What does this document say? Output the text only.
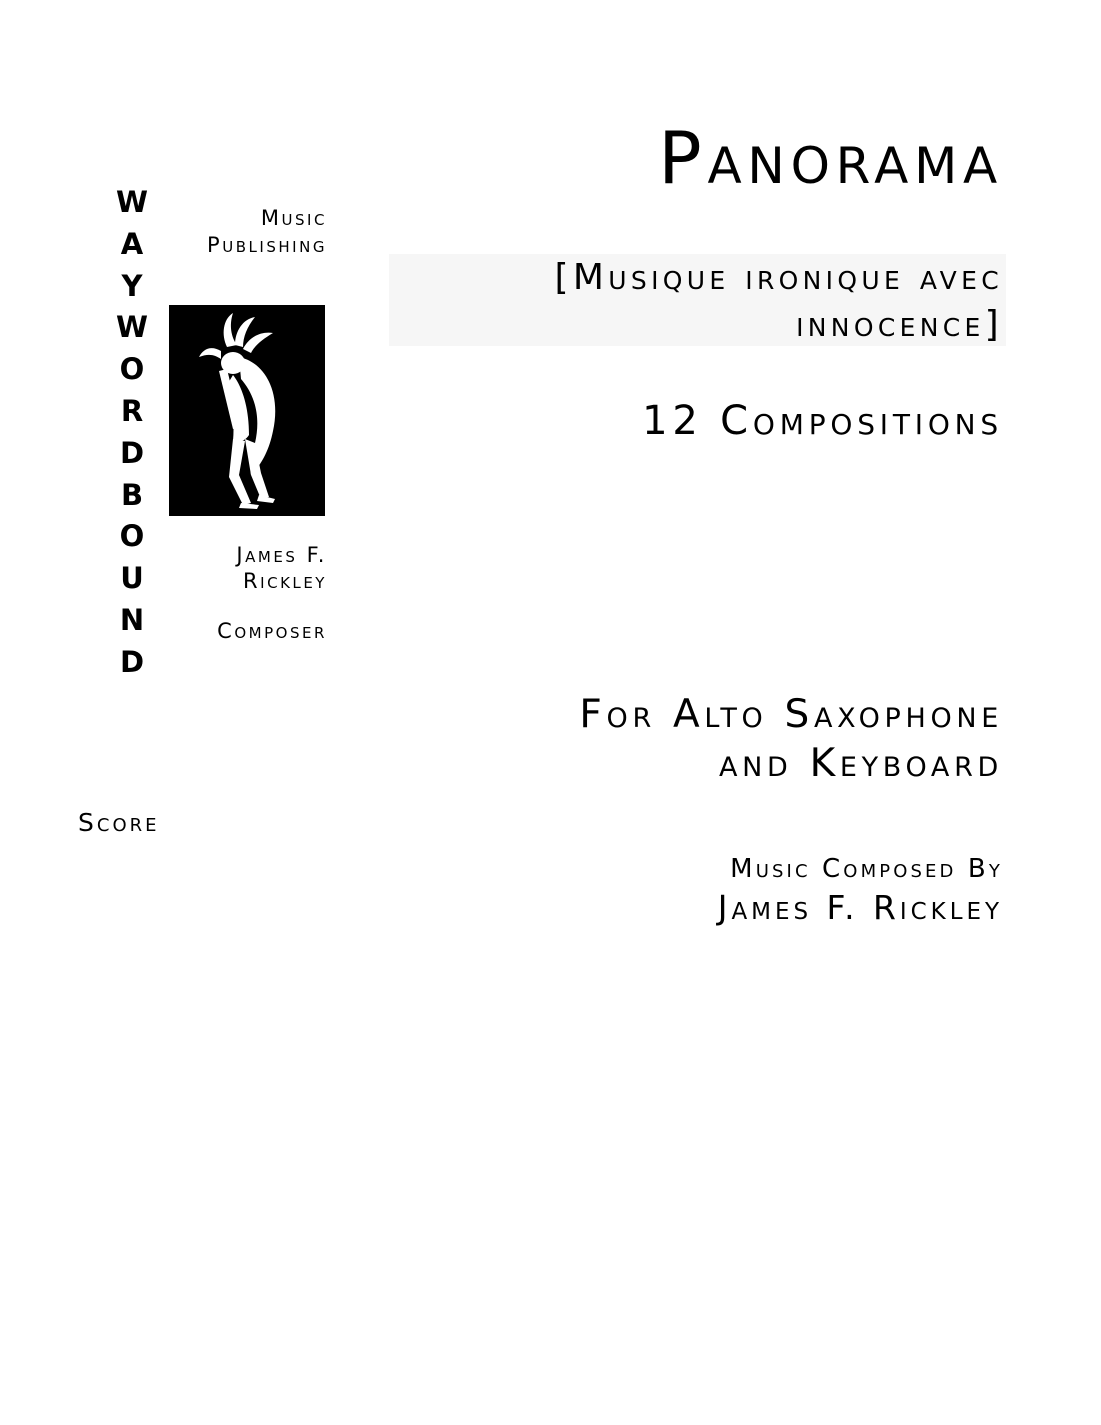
W
A
Y
W
O
R
D
B
O
U
N
D
Music
Publishing
James F.
Rickley
Composer
Score
Panorama
[Musique ironique avec
innocence]
12 Compositions
For Alto Saxophone
and Keyboard
Music Composed By
James F. Rickley
